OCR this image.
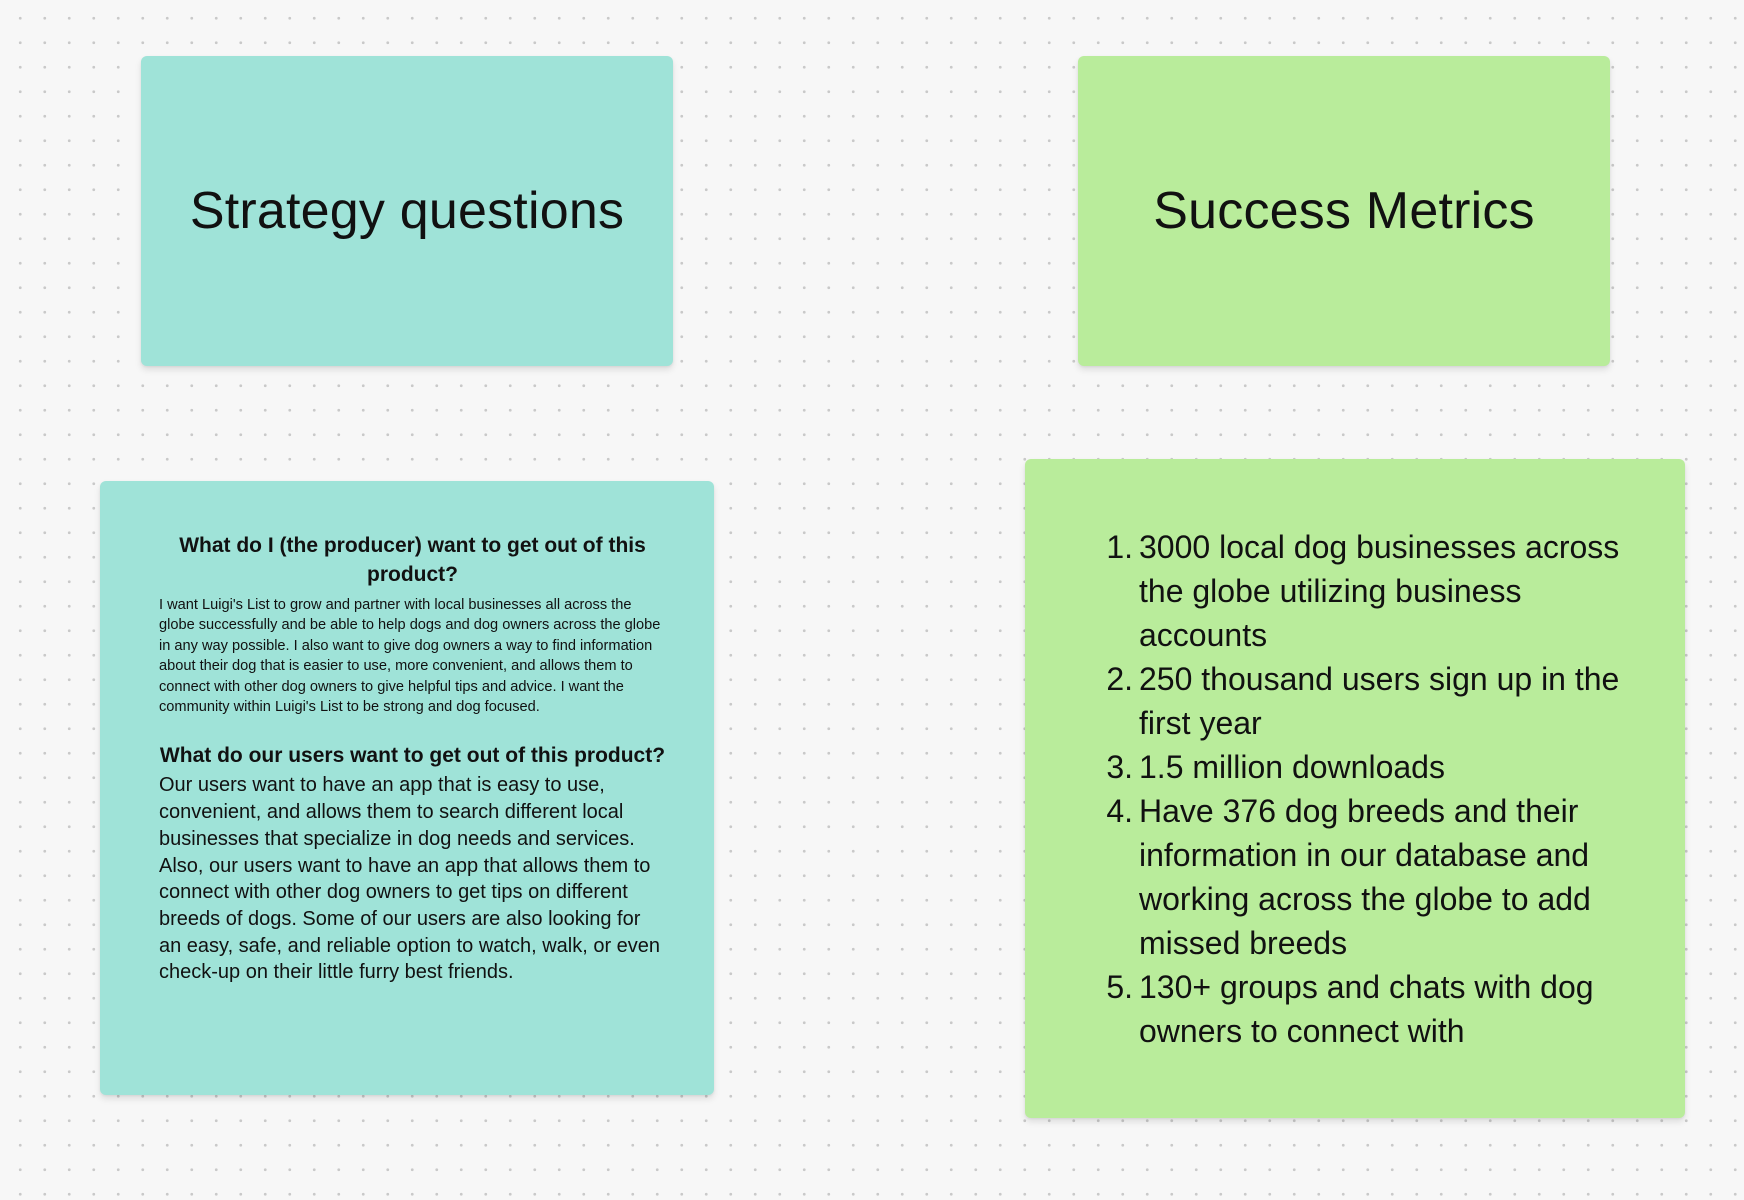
Strategy questions	Success Metrics
What do I (the producer) want to get out of this product?

I want Luigi's List to grow and partner with local businesses all across the globe successfully and be able to help dogs and dog owners across the globe in any way possible. I also want to give dog owners a way to find information about their dog that is easier to use, more convenient, and allows them to connect with other dog owners to give helpful tips and advice. I want the community within Luigi's List to be strong and dog focused.

What do our users want to get out of this product?

Our users want to have an app that is easy to use, convenient, and allows them to search different local businesses that specialize in dog needs and services. Also, our users want to have an app that allows them to connect with other dog owners to get tips on different breeds of dogs. Some of our users are also looking for an easy, safe, and reliable option to watch, walk, or even check-up on their little furry best friends.

1. 3000 local dog businesses across the globe utilizing business accounts
2. 250 thousand users sign up in the first year
3. 1.5 million downloads
4. Have 376 dog breeds and their information in our database and working across the globe to add missed breeds
5. 130+ groups and chats with dog owners to connect with
